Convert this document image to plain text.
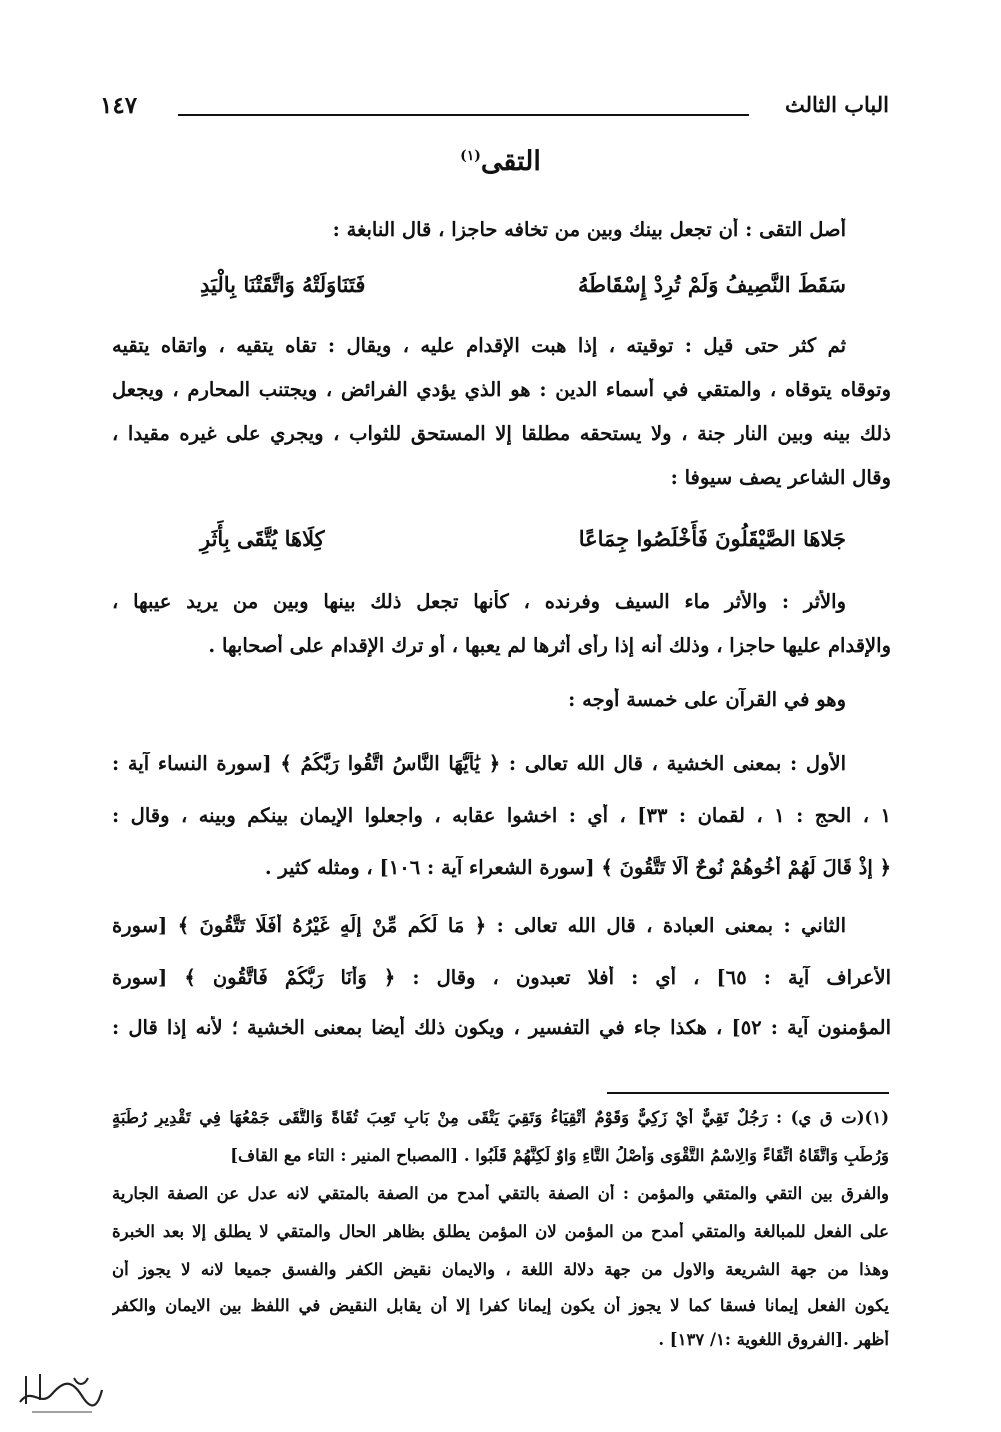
الباب الثالث
١٤٧
التقى$^{(١)}$
أصل التقى : أن تجعل بينك وبين من تخافه حاجزا ، قال النابغة :
سَقَطَ النَّصِيفُ وَلَمْ تُرِدْ إِسْقَاطَهُ
فَتَنَاوَلَتْهُ وَاتَّقَتْنَا بِالْيَدِ
ثم كثر حتى قيل : توقيته ، إذا هبت الإقدام عليه ، ويقال : تقاه يتقيه ، واتقاه يتقيه
وتوقاه يتوقاه ، والمتقي في أسماء الدين : هو الذي يؤدي الفرائض ، ويجتنب المحارم ، ويجعل
ذلك بينه وبين النار جنة ، ولا يستحقه مطلقا إلا المستحق للثواب ، ويجري على غيره مقيدا ،
وقال الشاعر يصف سيوفا :
جَلاهَا الصَّيْقَلُونَ فَأَخْلَصُوا جِمَاعًا
كِلَاهَا يُتَّقَى بِأَثَرِ
والأثر : والأثر ماء السيف وفرنده ، كأنها تجعل ذلك بينها وبين من يريد عيبها ،
والإقدام عليها حاجزا ، وذلك أنه إذا رأى أثرها لم يعبها ، أو ترك الإقدام على أصحابها .
وهو في القرآن على خمسة أوجه :
الأول : بمعنى الخشية ، قال الله تعالى : ﴿ يَٰأَيُّهَا النَّاسُ اتَّقُوا رَبَّكُمُ ﴾ [سورة النساء آية :
١ ، الحج : ١ ، لقمان : ٣٣] ، أي : اخشوا عقابه ، واجعلوا الإيمان بينكم وبينه ، وقال :
﴿ إِذْ قَالَ لَهُمْ أَخُوهُمْ نُوحٌ أَلَا تَتَّقُونَ ﴾ [سورة الشعراء آية : ١٠٦] ، ومثله كثير .
الثاني : بمعنى العبادة ، قال الله تعالى : ﴿ مَا لَكُم مِّنْ إِلَٰهٍ غَيْرُهُ أَفَلَا تَتَّقُونَ ﴾ [سورة
الأعراف آية : ٦٥] ، أي : أفلا تعبدون ، وقال : ﴿ وَأَنَا رَبُّكُمْ فَاتَّقُونِ ﴾ [سورة
المؤمنون آية : ٥٢] ، هكذا جاء في التفسير ، ويكون ذلك أيضا بمعنى الخشية ؛ لأنه إذا قال :
(١)(ت ق ي) : رَجُلٌ تَقِيٌّ أَيْ زَكِيٌّ وَقَوْمٌ أَتْقِيَاءُ وَتَقِيَ يَتْقَى مِنْ بَابِ تَعِبَ تُقَاةً وَالتُّقَى جَمْعُهَا فِي تَقْدِيرِ رُطَبَةٍ
وَرُطَبٍ وَاتَّقَاهُ اتِّقَاءً وَالِاسْمُ التَّقْوَى وَأَصْلُ التَّاءِ وَاوٌ لَكِنَّهُمْ قَلَبُوا . [المصباح المنير : التاء مع القاف]
والفرق بين التقي والمتقي والمؤمن : أن الصفة بالتقي أمدح من الصفة بالمتقي لانه عدل عن الصفة الجارية
على الفعل للمبالغة والمتقي أمدح من المؤمن لان المؤمن يطلق بظاهر الحال والمتقي لا يطلق إلا بعد الخبرة
وهذا من جهة الشريعة والاول من جهة دلالة اللغة ، والايمان نقيض الكفر والفسق جميعا لانه لا يجوز أن
يكون الفعل إيمانا فسقا كما لا يجوز أن يكون إيمانا كفرا إلا أن يقابل النقيض في اللفظ بين الايمان والكفر
أظهر .[الفروق اللغوية :١/ ١٣٧] .
